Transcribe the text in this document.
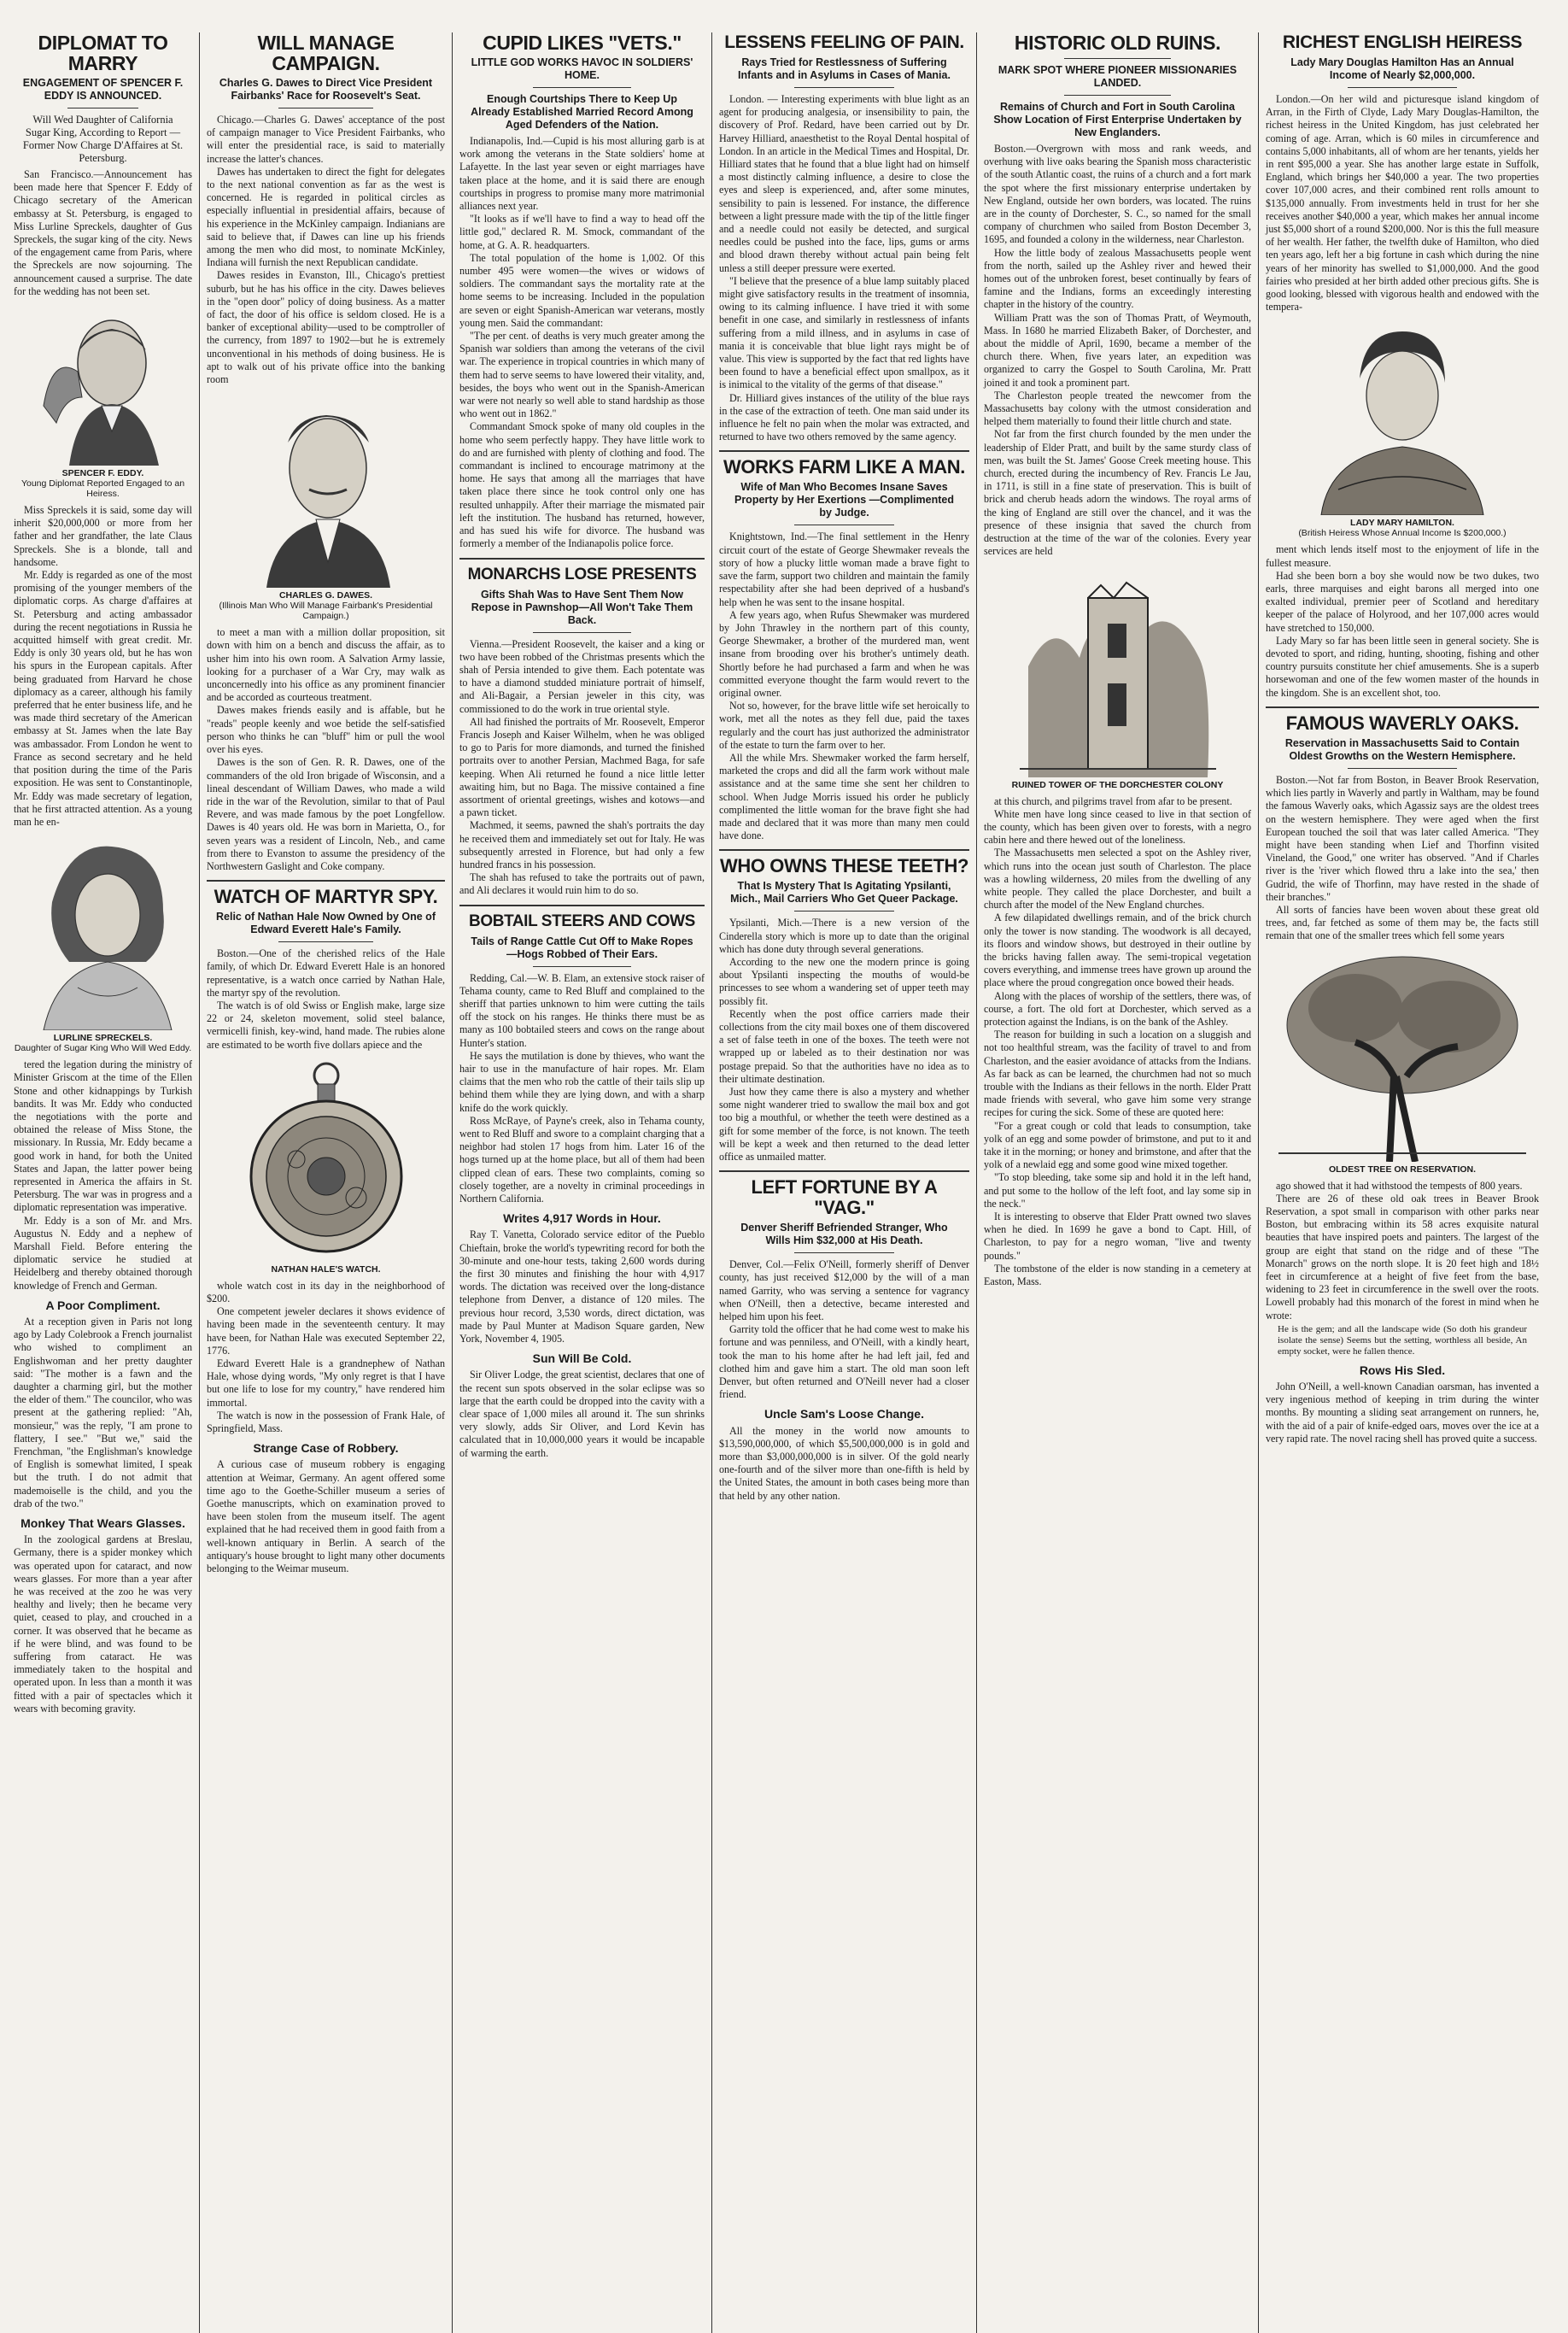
DIPLOMAT TO MARRY
ENGAGEMENT OF SPENCER F. EDDY IS ANNOUNCED.
Will Wed Daughter of California Sugar King, According to Report —Former Now Charge D'Affaires at St. Petersburg.

San Francisco.—Announcement has been made here that Spencer F. Eddy of Chicago secretary of the American embassy at St. Petersburg, is engaged to Miss Lurline Spreckels, daughter of Gus Spreckels, the sugar king of the city. News of the engagement came from Paris, where the Spreckels are now sojourning. The announcement caused a surprise. The date for the wedding has not been set.

SPENCER F. EDDY.
Young Diplomat Reported Engaged to an Heiress.

Miss Spreckels it is said, some day will inherit $20,000,000 or more from her father and her grandfather, the late Claus Spreckels. She is a blonde, tall and handsome.

Mr. Eddy is regarded as one of the most promising of the younger members of the diplomatic corps. As charge d'affaires at St. Petersburg and acting ambassador during the recent negotiations in Russia he acquitted himself with great credit. Mr. Eddy is only 30 years old, but he has won his spurs in the European capitals. After being graduated from Harvard he chose diplomacy as a career, although his family preferred that he enter business life, and he was made third secretary of the American embassy at St. James when the late Bay was ambassador. From London he went to France as second secretary and he held that position during the time of the Paris exposition. He was sent to Constantinople, Mr. Eddy was made secretary of legation, that he first attracted attention. As a young man he en-

LURLINE SPRECKELS.
Daughter of Sugar King Who Will Wed Eddy.

tered the legation during the ministry of Minister Griscom at the time of the Ellen Stone and other kidnappings by Turkish bandits. It was Mr. Eddy who conducted the negotiations with the porte and obtained the release of Miss Stone, the missionary. In Russia, Mr. Eddy became a good work in hand, for both the United States and Japan, the latter power being represented in America the affairs in St. Petersburg. The war was in progress and a diplomatic representation was imperative.

Mr. Eddy is a son of Mr. and Mrs. Augustus N. Eddy and a nephew of Marshall Field. Before entering the diplomatic service he studied at Heidelberg and thereby obtained thorough knowledge of French and German.

A Poor Compliment.

At a reception given in Paris not long ago by Lady Colebrook a French journalist who wished to compliment an Englishwoman and her pretty daughter said: "The mother is a fawn and the daughter a charming girl, but the mother the elder of them." The councilor, who was present at the gathering replied: "Ah, monsieur," was the reply, "I am prone to flattery, I see." "But we," said the Frenchman, "the Englishman's knowledge of English is somewhat limited, I speak but the truth. I do not admit that mademoiselle is the child, and you the drab of the two."

Monkey That Wears Glasses.

In the zoological gardens at Breslau, Germany, there is a spider monkey which was operated upon for cataract, and now wears glasses. For more than a year after he was received at the zoo he was very healthy and lively; then he became very quiet, ceased to play, and crouched in a corner. It was observed that he became as if he were blind, and was found to be suffering from cataract. He was immediately taken to the hospital and operated upon. In less than a month it was fitted with a pair of spectacles which it wears with becoming gravity.

WILL MANAGE CAMPAIGN.
Charles G. Dawes to Direct Vice President Fairbanks' Race for Roosevelt's Seat.

Chicago.—Charles G. Dawes' acceptance of the post of campaign manager to Vice President Fairbanks, who will enter the presidential race, is said to materially increase the latter's chances.

Dawes has undertaken to direct the fight for delegates to the next national convention as far as the west is concerned. He is regarded in political circles as especially influential in presidential affairs, because of his experience in the McKinley campaign. Indianians are said to believe that, if Dawes can line up his friends among the men who did most, to nominate McKinley, Indiana will furnish the next Republican candidate.

Dawes resides in Evanston, Ill., Chicago's prettiest suburb, but he has his office in the city. Dawes believes in the "open door" policy of doing business. As a matter of fact, the door of his office is seldom closed. He is a banker of exceptional ability—used to be comptroller of the currency, from 1897 to 1902—but he is extremely unconventional in his methods of doing business. He is apt to walk out of his private office into the banking room

CHARLES G. DAWES.
(Illinois Man Who Will Manage Fairbank's Presidential Campaign.)

to meet a man with a million dollar proposition, sit down with him on a bench and discuss the affair, as to usher him into his own room. A Salvation Army lassie, looking for a purchaser of a War Cry, may walk as unconcernedly into his office as any prominent financier and be accorded as courteous treatment.

Dawes makes friends easily and is affable, but he "reads" people keenly and woe betide the self-satisfied person who thinks he can "bluff" him or pull the wool over his eyes.

Dawes is the son of Gen. R. R. Dawes, one of the commanders of the old Iron brigade of Wisconsin, and a lineal descendant of William Dawes, who made a wild ride in the war of the Revolution, similar to that of Paul Revere, and was made famous by the poet Longfellow. Dawes is 40 years old. He was born in Marietta, O., for seven years was a resident of Lincoln, Neb., and came from there to Evanston to assume the presidency of the Northwestern Gaslight and Coke company.

WATCH OF MARTYR SPY.
Relic of Nathan Hale Now Owned by One of Edward Everett Hale's Family.

Boston.—One of the cherished relics of the Hale family, of which Dr. Edward Everett Hale is an honored representative, is a watch once carried by Nathan Hale, the martyr spy of the revolution.

The watch is of old Swiss or English make, large size 22 or 24, skeleton movement, solid steel balance, vermicelli finish, key-wind, hand made. The rubies alone are estimated to be worth five dollars apiece and the

NATHAN HALE'S WATCH.

whole watch cost in its day in the neighborhood of $200.

One competent jeweler declares it shows evidence of having been made in the seventeenth century. It may have been, for Nathan Hale was executed September 22, 1776.

Edward Everett Hale is a grandnephew of Nathan Hale, whose dying words, "My only regret is that I have but one life to lose for my country," have rendered him immortal.

The watch is now in the possession of Frank Hale, of Springfield, Mass.

Strange Case of Robbery.

A curious case of museum robbery is engaging attention at Weimar, Germany. An agent offered some time ago to the Goethe-Schiller museum a series of Goethe manuscripts, which on examination proved to have been stolen from the museum itself. The agent explained that he had received them in good faith from a well-known antiquary in Berlin. A search of the antiquary's house brought to light many other documents belonging to the Weimar museum.

CUPID LIKES "VETS."
LITTLE GOD WORKS HAVOC IN SOLDIERS' HOME.
Enough Courtships There to Keep Up Already Established Married Record Among Aged Defenders of the Nation.

Indianapolis, Ind.—Cupid is his most alluring garb is at work among the veterans in the State soldiers' home at Lafayette. In the last year seven or eight marriages have taken place at the home, and it is said there are enough courtships in progress to promise many more matrimonial alliances next year.

"It looks as if we'll have to find a way to head off the little god," declared R. M. Smock, commandant of the home, at G. A. R. headquarters.

The total population of the home is 1,002. Of this number 495 were women—the wives or widows of soldiers. The commandant says the mortality rate at the home seems to be increasing. Included in the population are seven or eight Spanish-American war veterans, mostly young men. Said the commandant:

"The per cent. of deaths is very much greater among the Spanish war soldiers than among the veterans of the civil war. The experience in tropical countries in which many of them had to serve seems to have lowered their vitality, and, besides, the boys who went out in the Spanish-American war were not nearly so well able to stand hardship as those who went out in 1862."

Commandant Smock spoke of many old couples in the home who seem perfectly happy. They have little work to do and are furnished with plenty of clothing and food. The commandant is inclined to encourage matrimony at the home. He says that among all the marriages that have taken place there since he took control only one has resulted unhappily. After their marriage the mismated pair left the institution. The husband has returned, however, and has sued his wife for divorce. The husband was formerly a member of the Indianapolis police force.

MONARCHS LOSE PRESENTS
Gifts Shah Was to Have Sent Them Now Repose in Pawnshop—All Won't Take Them Back.

Vienna.—President Roosevelt, the kaiser and a king or two have been robbed of the Christmas presents which the shah of Persia intended to give them. Each potentate was to have a diamond studded miniature portrait of himself, and Ali-Bagair, a Persian jeweler in this city, was commissioned to do the work in true oriental style.

All had finished the portraits of Mr. Roosevelt, Emperor Francis Joseph and Kaiser Wilhelm, when he was obliged to go to Paris for more diamonds, and turned the finished portraits over to another Persian, Machmed Baga, for safe keeping. When Ali returned he found a nice little letter awaiting him, but no Baga. The missive contained a fine assortment of oriental greetings, wishes and kotows—and a pawn ticket.

Machmed, it seems, pawned the shah's portraits the day he received them and immediately set out for Italy. He was subsequently arrested in Florence, but had only a few hundred francs in his possession.

The shah has refused to take the portraits out of pawn, and Ali declares it would ruin him to do so.

BOBTAIL STEERS AND COWS
Tails of Range Cattle Cut Off to Make Ropes—Hogs Robbed of Their Ears.

Redding, Cal.—W. B. Elam, an extensive stock raiser of Tehama county, came to Red Bluff and complained to the sheriff that parties unknown to him were cutting the tails off the stock on his ranges. He thinks there must be as many as 100 bobtailed steers and cows on the range about Hunter's station.

He says the mutilation is done by thieves, who want the hair to use in the manufacture of hair ropes. Mr. Elam claims that the men who rob the cattle of their tails slip up behind them while they are lying down, and with a sharp knife do the work quickly.

Ross McRaye, of Payne's creek, also in Tehama county, went to Red Bluff and swore to a complaint charging that a neighbor had stolen 17 hogs from him. Later 16 of the hogs turned up at the home place, but all of them had been clipped clean of ears. These two complaints, coming so closely together, are a novelty in criminal proceedings in Northern California.

Writes 4,917 Words in Hour.

Ray T. Vanetta, Colorado service editor of the Pueblo Chieftain, broke the world's typewriting record for both the 30-minute and one-hour tests, taking 2,600 words during the first 30 minutes and finishing the hour with 4,917 words. The dictation was received over the long-distance telephone from Denver, a distance of 120 miles. The previous hour record, 3,530 words, direct dictation, was made by Paul Munter at Madison Square garden, New York, November 4, 1905.

Sun Will Be Cold.

Sir Oliver Lodge, the great scientist, declares that one of the recent sun spots observed in the solar eclipse was so large that the earth could be dropped into the cavity with a clear space of 1,000 miles all around it. The sun shrinks very slowly, adds Sir Oliver, and Lord Kevin has calculated that in 10,000,000 years it would be incapable of warming the earth.

LESSENS FEELING OF PAIN.
Rays Tried for Restlessness of Suffering Infants and in Asylums in Cases of Mania.

London. — Interesting experiments with blue light as an agent for producing analgesia, or insensibility to pain, the discovery of Prof. Redard, have been carried out by Dr. Harvey Hilliard, anaesthetist to the Royal Dental hospital of London. In an article in the Medical Times and Hospital, Dr. Hilliard states that he found that a blue light had on himself a most distinctly calming influence, a desire to close the eyes and sleep is experienced, and, after some minutes, sensibility to pain is lessened. For instance, the difference between a light pressure made with the tip of the little finger and a needle could not easily be detected, and surgical needles could be pushed into the face, lips, gums or arms and blood drawn thereby without actual pain being felt unless a still deeper pressure were exerted.

"I believe that the presence of a blue lamp suitably placed might give satisfactory results in the treatment of insomnia, owing to its calming influence. I have tried it with some benefit in one case, and similarly in restlessness of infants suffering from a mild illness, and in asylums in case of mania it is conceivable that blue light rays might be of value. This view is supported by the fact that red lights have been found to have a beneficial effect upon smallpox, as it is inimical to the vitality of the germs of that disease."

Dr. Hilliard gives instances of the utility of the blue rays in the case of the extraction of teeth. One man said under its influence he felt no pain when the molar was extracted, and returned to have two others removed by the same agency.

WORKS FARM LIKE A MAN.
Wife of Man Who Becomes Insane Saves Property by Her Exertions —Complimented by Judge.

Knightstown, Ind.—The final settlement in the Henry circuit court of the estate of George Shewmaker reveals the story of how a plucky little woman made a brave fight to save the farm, support two children and maintain the family respectability after she had been deprived of a husband's help when he was sent to the insane hospital.

A few years ago, when Rufus Shewmaker was murdered by John Thrawley in the northern part of this county, George Shewmaker, a brother of the murdered man, went insane from brooding over his brother's untimely death. Shortly before he had purchased a farm and when he was committed everyone thought the farm would revert to the original owner.

Not so, however, for the brave little wife set heroically to work, met all the notes as they fell due, paid the taxes regularly and the court has just authorized the administrator of the estate to turn the farm over to her.

All the while Mrs. Shewmaker worked the farm herself, marketed the crops and did all the farm work without male assistance and at the same time she sent her children to school. When Judge Morris issued his order he publicly complimented the little woman for the brave fight she had made and declared that it was more than many men could have done.

WHO OWNS THESE TEETH?
That Is Mystery That Is Agitating Ypsilanti, Mich., Mail Carriers Who Get Queer Package.

Ypsilanti, Mich.—There is a new version of the Cinderella story which is more up to date than the original which has done duty through several generations.

According to the new one the modern prince is going about Ypsilanti inspecting the mouths of would-be princesses to see whom a wandering set of upper teeth may possibly fit.

Recently when the post office carriers made their collections from the city mail boxes one of them discovered a set of false teeth in one of the boxes. The teeth were not wrapped up or labeled as to their destination nor was postage prepaid. So that the authorities have no idea as to their ultimate destination.

Just how they came there is also a mystery and whether some night wanderer tried to swallow the mail box and got too big a mouthful, or whether the teeth were destined as a gift for some member of the force, is not known. The teeth will be kept a week and then returned to the dead letter office as unmailed matter.

LEFT FORTUNE BY A "VAG."
Denver Sheriff Befriended Stranger, Who Wills Him $32,000 at His Death.

Denver, Col.—Felix O'Neill, formerly sheriff of Denver county, has just received $12,000 by the will of a man named Garrity, who was serving a sentence for vagrancy when O'Neill, then a detective, became interested and helped him upon his feet.

Garrity told the officer that he had come west to make his fortune and was penniless, and O'Neill, with a kindly heart, took the man to his home after he had left jail, fed and clothed him and gave him a start. The old man soon left Denver, but often returned and O'Neill never had a closer friend.

Uncle Sam's Loose Change.

All the money in the world now amounts to $13,590,000,000, of which $5,500,000,000 is in gold and more than $3,000,000,000 is in silver. Of the gold nearly one-fourth and of the silver more than one-fifth is held by the United States, the amount in both cases being more than that held by any other nation.

HISTORIC OLD RUINS.
MARK SPOT WHERE PIONEER MISSIONARIES LANDED.
Remains of Church and Fort in South Carolina Show Location of First Enterprise Undertaken by New Englanders.

Boston.—Overgrown with moss and rank weeds, and overhung with live oaks bearing the Spanish moss characteristic of the south Atlantic coast, the ruins of a church and a fort mark the spot where the first missionary enterprise undertaken by New England, outside her own borders, was located. The ruins are in the county of Dorchester, S. C., so named for the small company of churchmen who sailed from Boston December 3, 1695, and founded a colony in the wilderness, near Charleston.

How the little body of zealous Massachusetts people went from the north, sailed up the Ashley river and hewed their homes out of the unbroken forest, beset continually by fears of famine and the Indians, forms an exceedingly interesting chapter in the history of the country.

William Pratt was the son of Thomas Pratt, of Weymouth, Mass. In 1680 he married Elizabeth Baker, of Dorchester, and about the middle of April, 1690, became a member of the church there. When, five years later, an expedition was organized to carry the Gospel to South Carolina, Mr. Pratt joined it and took a prominent part.

The Charleston people treated the newcomer from the Massachusetts bay colony with the utmost consideration and helped them materially to found their little church and state.

Not far from the first church founded by the men under the leadership of Elder Pratt, and built by the same sturdy class of men, was built the St. James' Goose Creek meeting house. This church, erected during the incumbency of Rev. Francis Le Jau, in 1711, is still in a fine state of preservation. This is built of brick and cherub heads adorn the windows. The royal arms of the king of England are still over the chancel, and it was the presence of these insignia that saved the church from destruction at the time of the war of the colonies. Every year services are held

RUINED TOWER OF THE DORCHESTER COLONY

at this church, and pilgrims travel from afar to be present.

White men have long since ceased to live in that section of the county, which has been given over to forests, with a negro cabin here and there hewed out of the loneliness.

The Massachusetts men selected a spot on the Ashley river, which runs into the ocean just south of Charleston. The place was a howling wilderness, 20 miles from the dwelling of any white people. They called the place Dorchester, and built a church after the model of the New England churches.

A few dilapidated dwellings remain, and of the brick church only the tower is now standing. The woodwork is all decayed, its floors and window shows, but destroyed in their outline by the bricks having fallen away. The semi-tropical vegetation covers everything, and immense trees have grown up around the place where the proud congregation once bowed their heads.

Along with the places of worship of the settlers, there was, of course, a fort. The old fort at Dorchester, which served as a protection against the Indians, is on the bank of the Ashley.

The reason for building in such a location on a sluggish and not too healthful stream, was the facility of travel to and from Charleston, and the easier avoidance of attacks from the Indians. As far back as can be learned, the churchmen had not so much trouble with the Indians as their fellows in the north. Elder Pratt made friends with several, who gave him some very strange recipes for curing the sick. Some of these are quoted here:

"For a great cough or cold that leads to consumption, take yolk of an egg and some powder of brimstone, and put to it and take it in the morning; or honey and brimstone, and after that the yolk of a newlaid egg and some good wine mixed together.

"To stop bleeding, take some sip and hold it in the left hand, and put some to the hollow of the left foot, and lay some sip in the neck."

It is interesting to observe that Elder Pratt owned two slaves when he died. In 1699 he gave a bond to Capt. Hill, of Charleston, to pay for a negro woman, "live and twenty pounds."

The tombstone of the elder is now standing in a cemetery at Easton, Mass.

RICHEST ENGLISH HEIRESS
Lady Mary Douglas Hamilton Has an Annual Income of Nearly $2,000,000.

London.—On her wild and picturesque island kingdom of Arran, in the Firth of Clyde, Lady Mary Douglas-Hamilton, the richest heiress in the United Kingdom, has just celebrated her coming of age. Arran, which is 60 miles in circumference and contains 5,000 inhabitants, all of whom are her tenants, yields her in rent $95,000 a year. She has another large estate in Suffolk, England, which brings her $40,000 a year. The two properties cover 107,000 acres, and their combined rent rolls amount to $135,000 annually. From investments held in trust for her she receives another $40,000 a year, which makes her annual income just $5,000 short of a round $200,000. Nor is this the full measure of her wealth. Her father, the twelfth duke of Hamilton, who died ten years ago, left her a big fortune in cash which during the nine years of her minority has swelled to $1,000,000. And the good fairies who presided at her birth added other precious gifts. She is good looking, blessed with vigorous health and endowed with the tempera-

LADY MARY HAMILTON.
(British Heiress Whose Annual Income Is $200,000.)

ment which lends itself most to the enjoyment of life in the fullest measure.

Had she been born a boy she would now be two dukes, two earls, three marquises and eight barons all merged into one exalted individual, premier peer of Scotland and hereditary keeper of the palace of Holyrood, and her 107,000 acres would have stretched to 150,000.

Lady Mary so far has been little seen in general society. She is devoted to sport, and riding, hunting, shooting, fishing and other country pursuits constitute her chief amusements. She is a superb horsewoman and one of the few women master of the hounds in the kingdom. She is an excellent shot, too.

FAMOUS WAVERLY OAKS.
Reservation in Massachusetts Said to Contain Oldest Growths on the Western Hemisphere.

Boston.—Not far from Boston, in Beaver Brook Reservation, which lies partly in Waverly and partly in Waltham, may be found the famous Waverly oaks, which Agassiz says are the oldest trees on the western hemisphere. They were aged when the first European touched the soil that was later called America. "They might have been standing when Lief and Thorfinn visited Vineland, the Good," one writer has observed. "And if Charles river is the 'river which flowed thru a lake into the sea,' then Gudrid, the wife of Thorfinn, may have rested in the shade of their branches."

All sorts of fancies have been woven about these great old trees, and, far fetched as some of them may be, the facts still remain that one of the smaller trees which fell some years

OLDEST TREE ON RESERVATION.

ago showed that it had withstood the tempests of 800 years.

There are 26 of these old oak trees in Beaver Brook Reservation, a spot small in comparison with other parks near Boston, but embracing within its 58 acres exquisite natural beauties that have inspired poets and painters. The largest of the group are eight that stand on the ridge and of these "The Monarch" grows on the north slope. It is 20 feet high and 18½ feet in circumference at a height of five feet from the base, widening to 23 feet in circumference in the swell over the roots. Lowell probably had this monarch of the forest in mind when he wrote:

He is the gem; and all the landscape wide (So doth his grandeur isolate the sense) Seems but the setting, worthless all beside, An empty socket, were he fallen thence.

Rows His Sled.

John O'Neill, a well-known Canadian oarsman, has invented a very ingenious method of keeping in trim during the winter months. By mounting a sliding seat arrangement on runners, he, with the aid of a pair of knife-edged oars, moves over the ice at a very rapid rate. The novel racing shell has proved quite a success.
